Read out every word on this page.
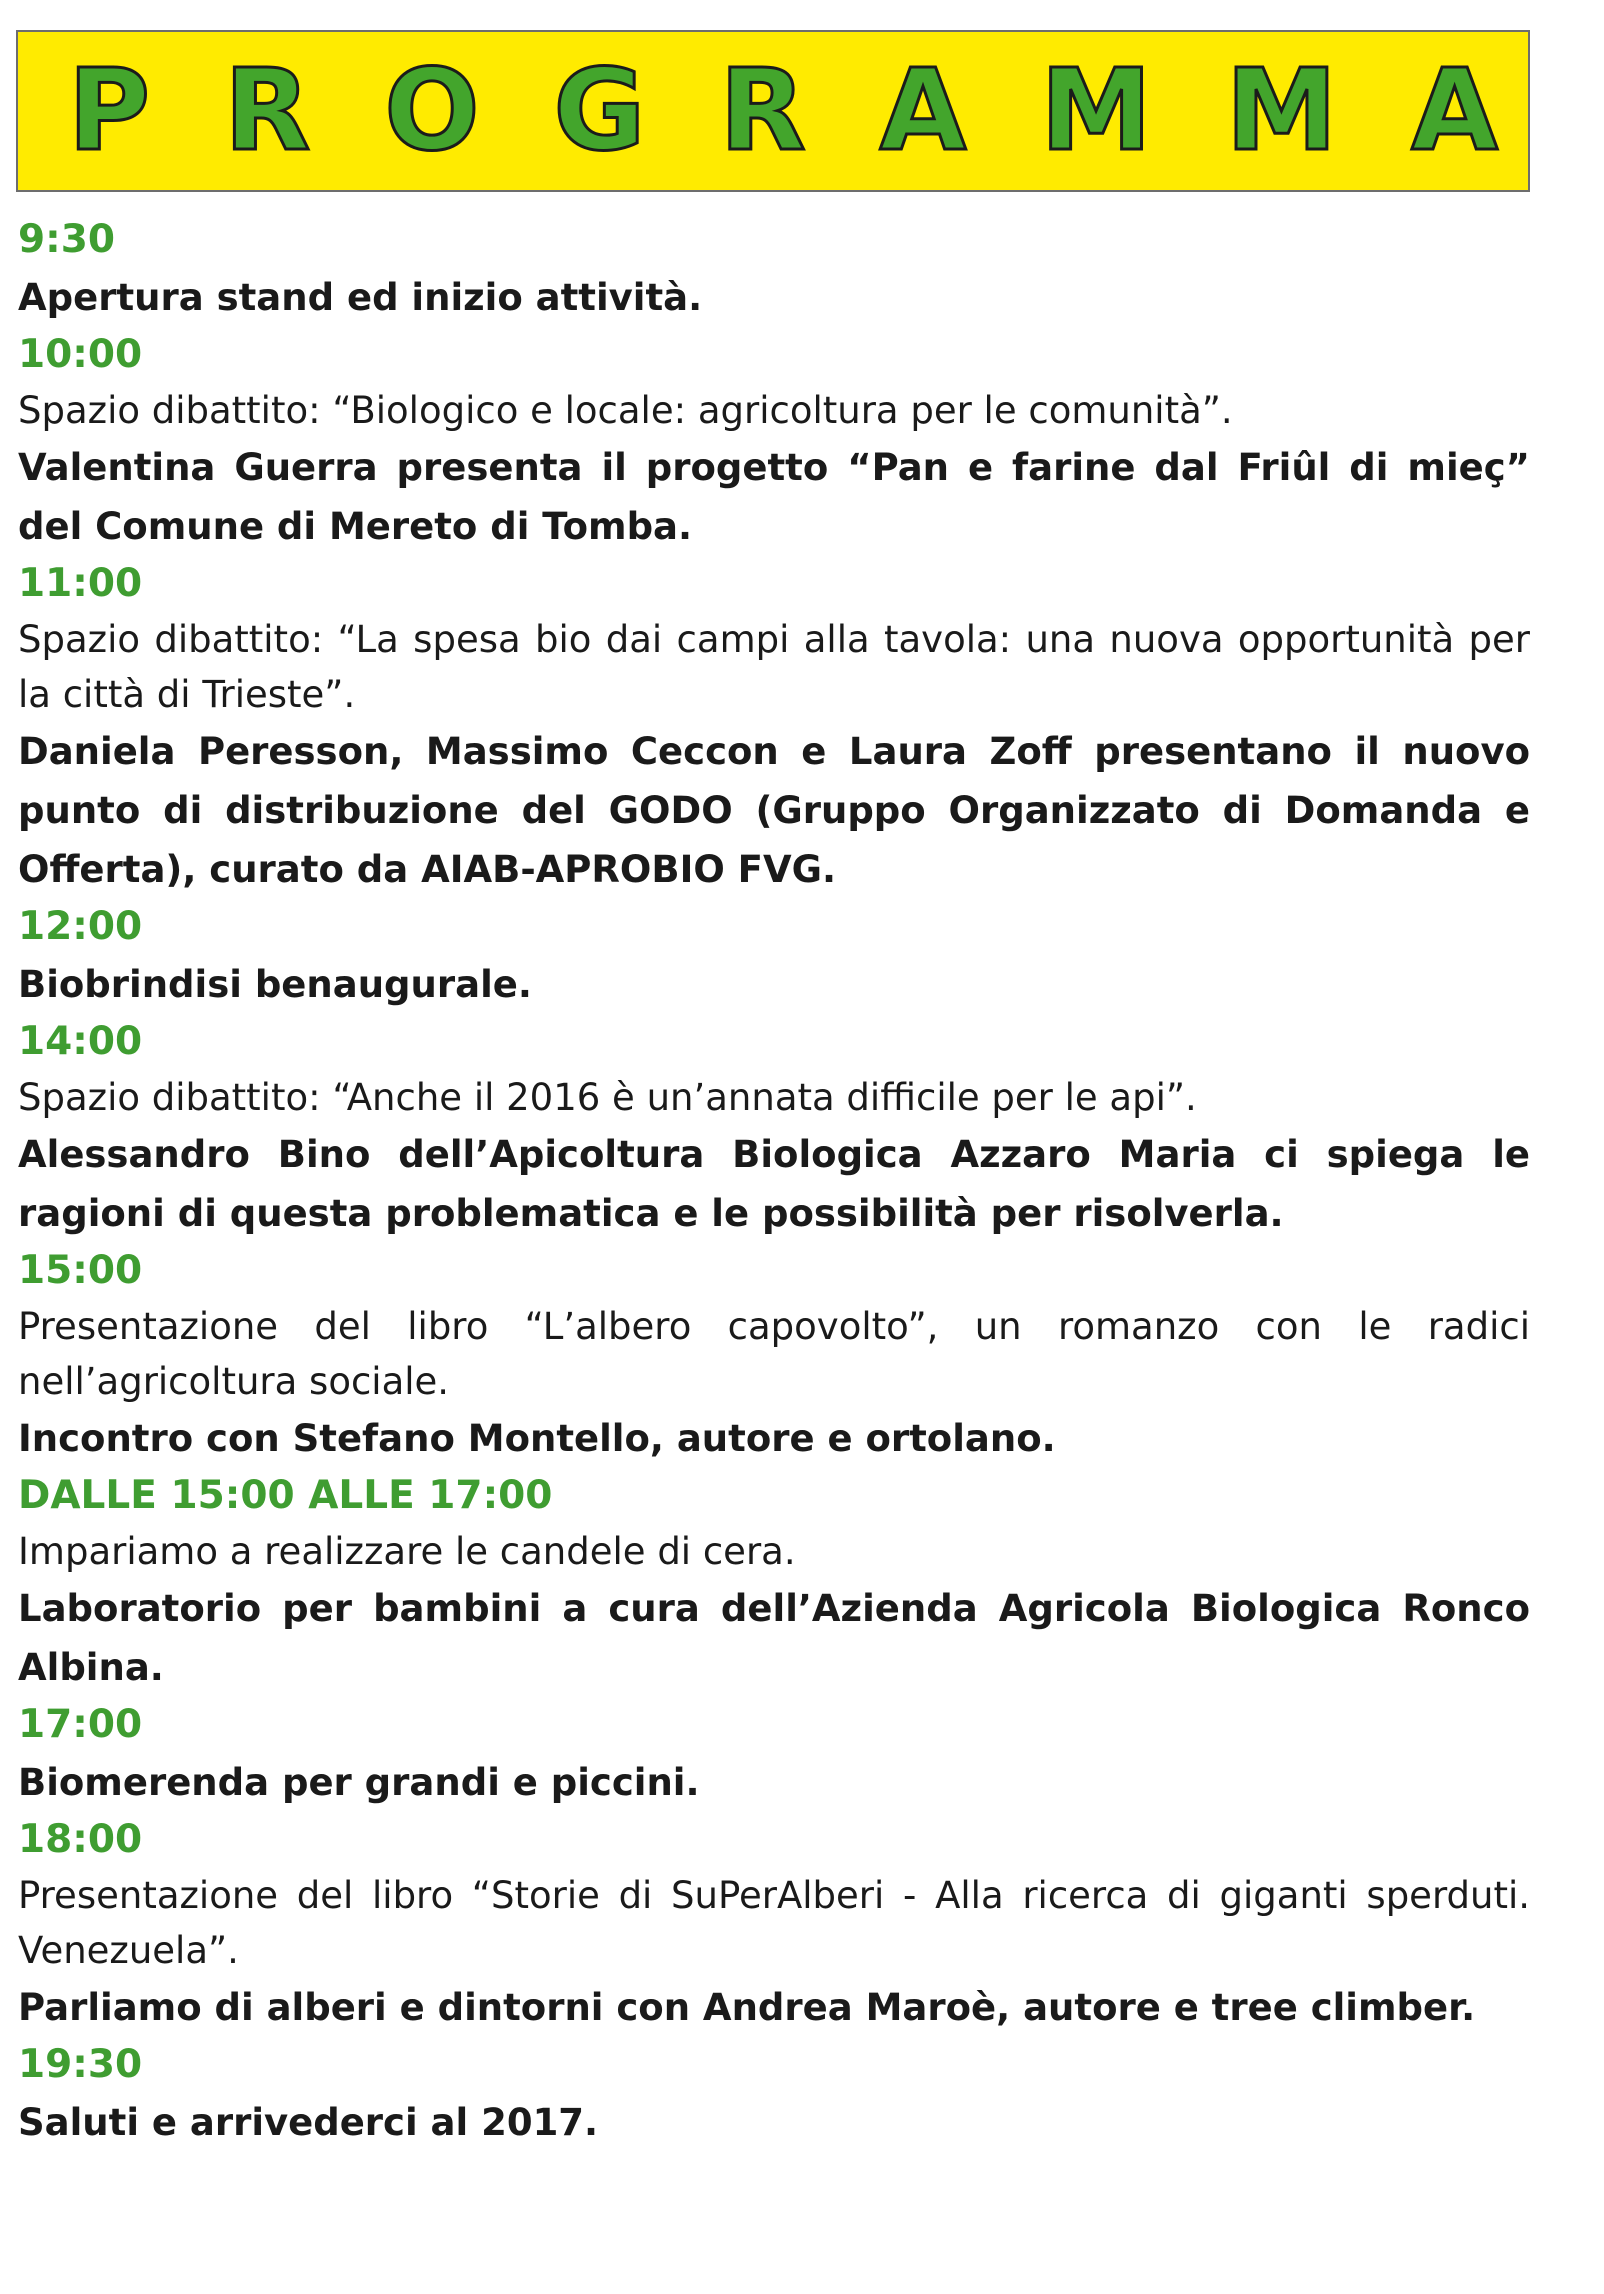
P R O G R A M M A

9:30

Apertura stand ed inizio attività.

10:00

Spazio dibattito: “Biologico e locale: agricoltura per le comunità”.

Valentina Guerra presenta il progetto “Pan e farine dal Friûl di mieç” del Comune di Mereto di Tomba.

11:00

Spazio dibattito: “La spesa bio dai campi alla tavola: una nuova opportunità per la città di Trieste”.

Daniela Peresson, Massimo Ceccon e Laura Zoff presentano il nuovo punto di distribuzione del GODO (Gruppo Organizzato di Domanda e Offerta), curato da AIAB-APROBIO FVG.

12:00

Biobrindisi benaugurale.

14:00

Spazio dibattito: “Anche il 2016 è un’annata difficile per le api”.

Alessandro Bino dell’Apicoltura Biologica Azzaro Maria ci spiega le ragioni di questa problematica e le possibilità per risolverla.

15:00

Presentazione del libro “L’albero capovolto”, un romanzo con le radici nell’agricoltura sociale.

Incontro con Stefano Montello, autore e ortolano.

DALLE 15:00 ALLE 17:00

Impariamo a realizzare le candele di cera.

Laboratorio per bambini a cura dell’Azienda Agricola Biologica Ronco Albina.

17:00

Biomerenda per grandi e piccini.

18:00

Presentazione del libro “Storie di SuPerAlberi - Alla ricerca di giganti sperduti. Venezuela”.

Parliamo di alberi e dintorni con Andrea Maroè, autore e tree climber.

19:30

Saluti e arrivederci al 2017.
